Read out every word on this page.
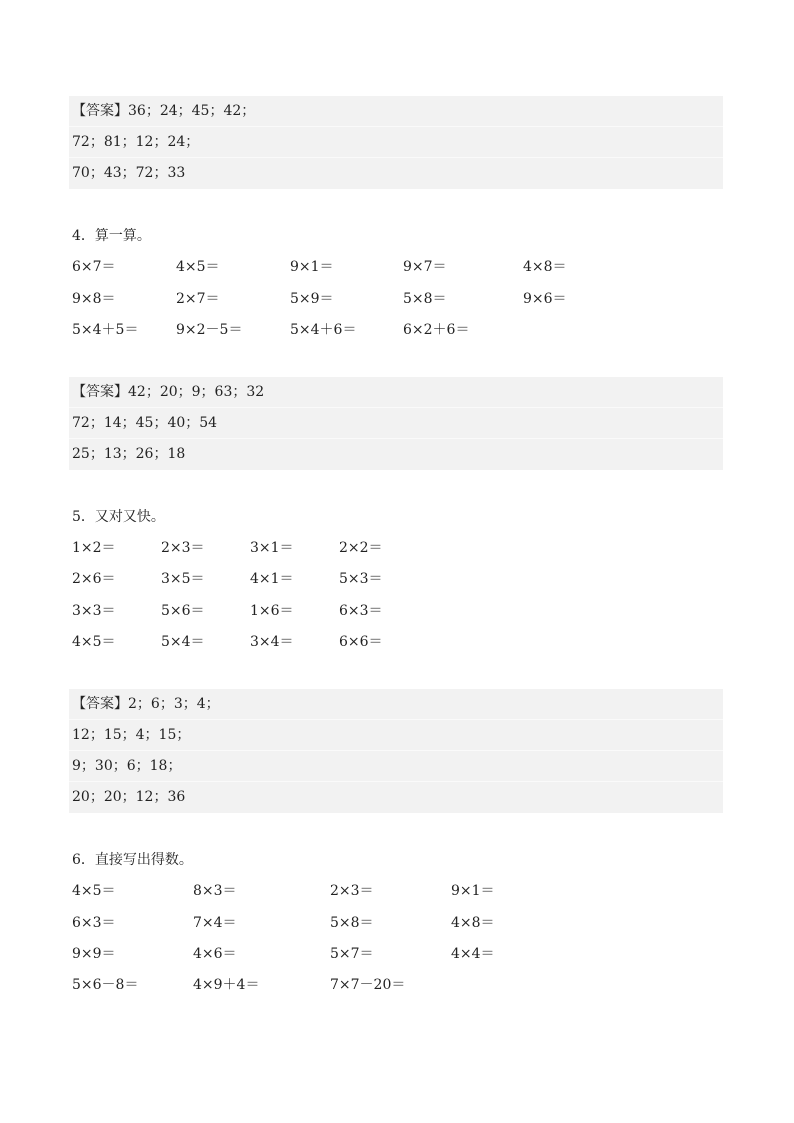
【答案】36；24；45；42；
72；81；12；24；
70；43；72；33
4．算一算。
6×7＝	4×5＝	9×1＝	9×7＝	4×8＝
9×8＝	2×7＝	5×9＝	5×8＝	9×6＝
5×4＋5＝	9×2－5＝	5×4＋6＝	6×2＋6＝
【答案】42；20；9；63；32
72；14；45；40；54
25；13；26；18
5．又对又快。
1×2＝	2×3＝	3×1＝	2×2＝
2×6＝	3×5＝	4×1＝	5×3＝
3×3＝	5×6＝	1×6＝	6×3＝
4×5＝	5×4＝	3×4＝	6×6＝
【答案】2；6；3；4；
12；15；4；15；
9；30；6；18；
20；20；12；36
6．直接写出得数。
4×5＝	8×3＝	2×3＝	9×1＝
6×3＝	7×4＝	5×8＝	4×8＝
9×9＝	4×6＝	5×7＝	4×4＝
5×6－8＝	4×9＋4＝	7×7－20＝
